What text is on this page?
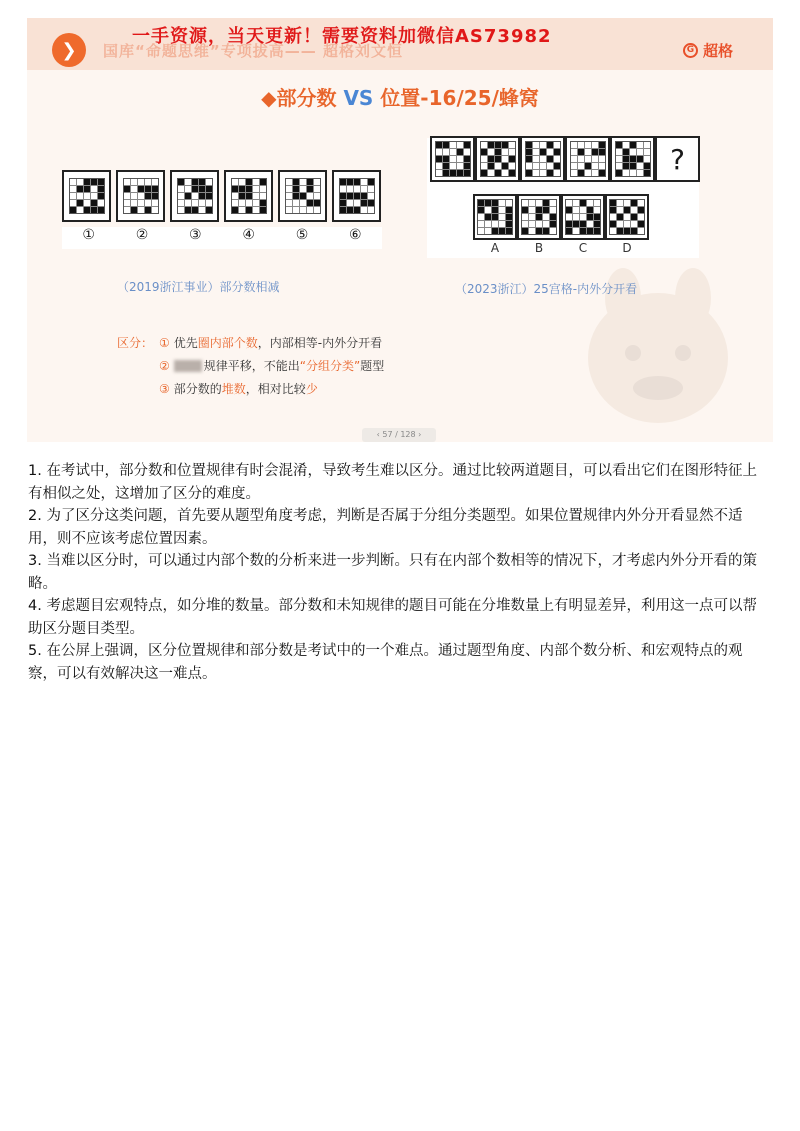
❯	国库“命题思维”专项拔高—— 超格刘文恒
一手资源，当天更新！需要资料加微信AS73982
G 超格
◆部分数 VS 位置-16/25/蜂窝
①	②	③	④	⑤	⑥
?
A	B	C	D
（2019浙江事业）部分数相减	（2023浙江）25宫格-内外分开看
区分： ① 优先 圈内部个数 ，内部相等-内外分开看
②	规律平移，不能出 “分组分类” 题型
③ 部分数的 堆数 ，相对比较 少
‹ 57 / 128 ›

1. 在考试中，部分数和位置规律有时会混淆，导致考生难以区分。通过比较两道题目，可以看出它们在图形特征上有相似之处，这增加了区分的难度。

2. 为了区分这类问题，首先要从题型角度考虑，判断是否属于分组分类题型。如果位置规律内外分开看显然不适用，则不应该考虑位置因素。

3. 当难以区分时，可以通过内部个数的分析来进一步判断。只有在内部个数相等的情况下，才考虑内外分开看的策略。

4. 考虑题目宏观特点，如分堆的数量。部分数和未知规律的题目可能在分堆数量上有明显差异，利用这一点可以帮助区分题目类型。

5. 在公屏上强调，区分位置规律和部分数是考试中的一个难点。通过题型角度、内部个数分析、和宏观特点的观察，可以有效解决这一难点。
